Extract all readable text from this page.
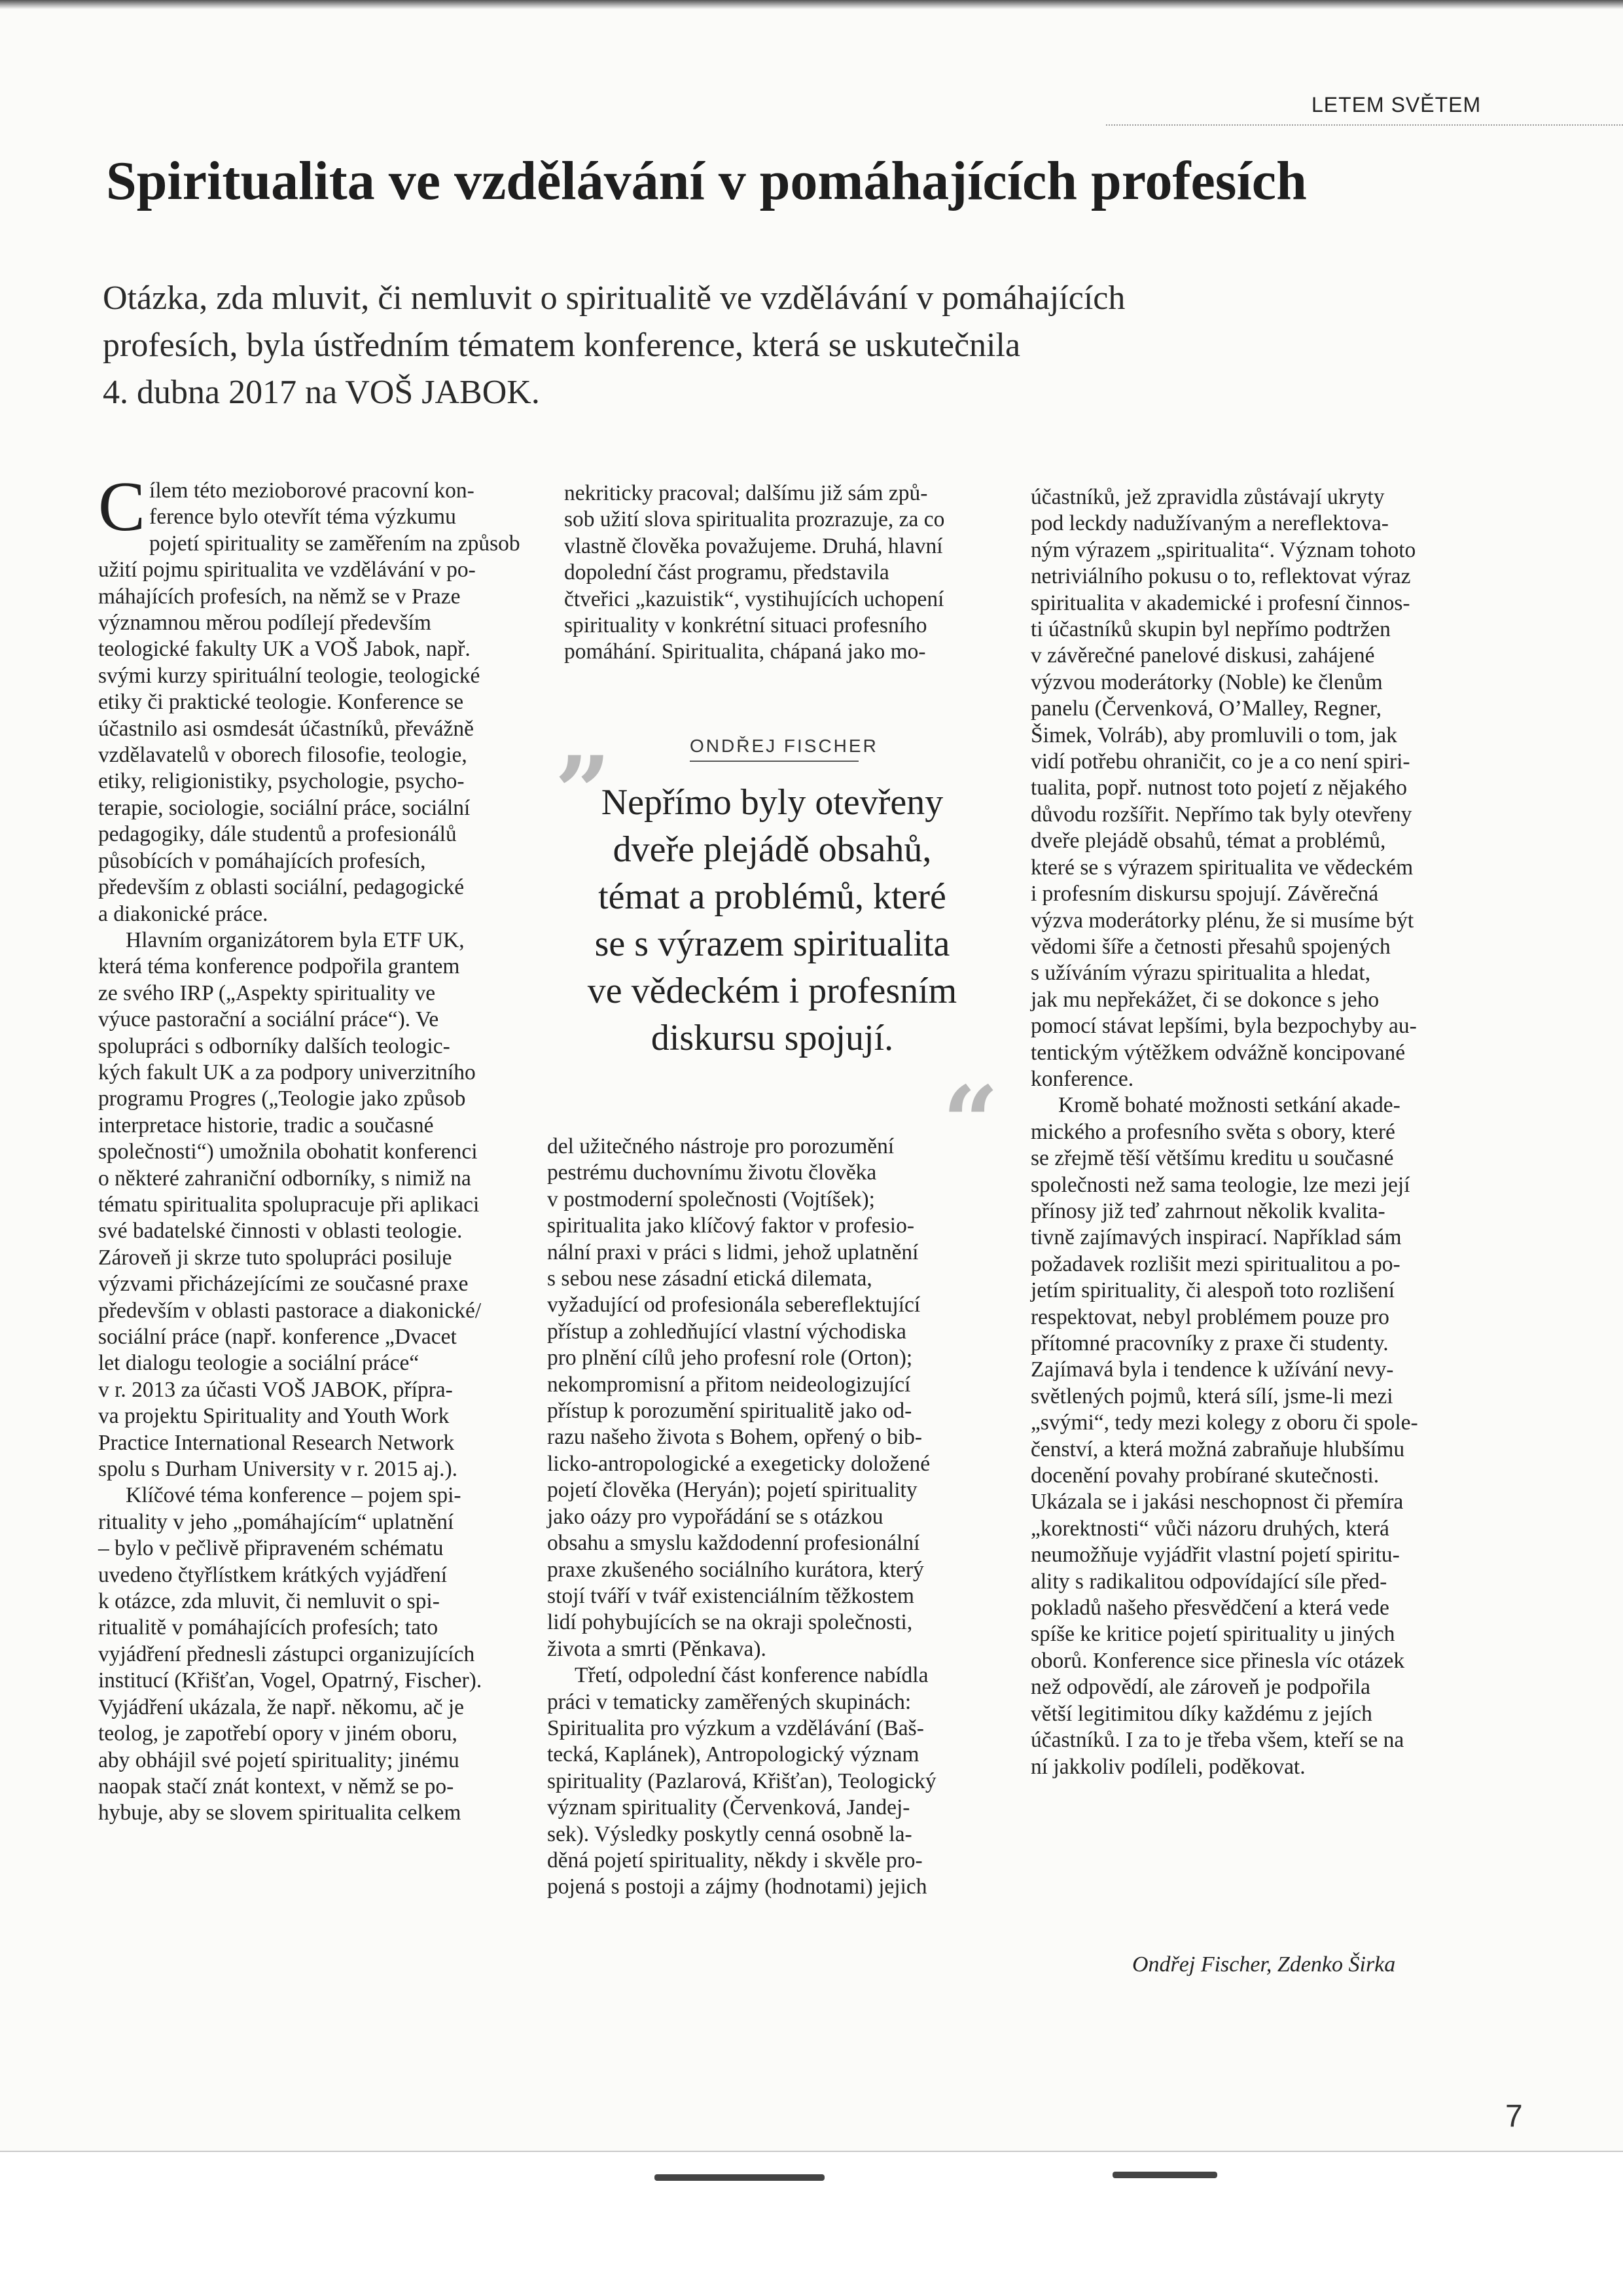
LETEM SVĚTEM
Spiritualita ve vzdělávání v pomáhajících profesích
Otázka, zda mluvit, či nemluvit o spiritualitě ve vzdělávání v pomáhajících
profesích, byla ústředním tématem konference, která se uskutečnila
4. dubna 2017 na VOŠ JABOK.
C ílem této mezioborové pracovní kon-
ference bylo otevřít téma výzkumu
pojetí spirituality se zaměřením na způsob
užití pojmu spiritualita ve vzdělávání v po-
máhajících profesích, na němž se v Praze
významnou měrou podílejí především
teologické fakulty UK a VOŠ Jabok, např.
svými kurzy spirituální teologie, teologické
etiky či praktické teologie. Konference se
účastnilo asi osmdesát účastníků, převážně
vzdělavatelů v oborech filosofie, teologie,
etiky, religionistiky, psychologie, psycho-
terapie, sociologie, sociální práce, sociální
pedagogiky, dále studentů a profesionálů
působících v pomáhajících profesích,
především z oblasti sociální, pedagogické
a diakonické práce.
Hlavním organizátorem byla ETF UK,
která téma konference podpořila grantem
ze svého IRP („Aspekty spirituality ve
výuce pastorační a sociální práce“). Ve
spolupráci s odborníky dalších teologic-
kých fakult UK a za podpory univerzitního
programu Progres („Teologie jako způsob
interpretace historie, tradic a současné
společnosti“) umožnila obohatit konferenci
o některé zahraniční odborníky, s nimiž na
tématu spiritualita spolupracuje při aplikaci
své badatelské činnosti v oblasti teologie.
Zároveň ji skrze tuto spolupráci posiluje
výzvami přicházejícími ze současné praxe
především v oblasti pastorace a diakonické/
sociální práce (např. konference „Dvacet
let dialogu teologie a sociální práce“
v r. 2013 za účasti VOŠ JABOK, přípra-
va projektu Spirituality and Youth Work
Practice International Research Network
spolu s Durham University v r. 2015 aj.).
Klíčové téma konference – pojem spi-
rituality v jeho „pomáhajícím“ uplatnění
– bylo v pečlivě připraveném schématu
uvedeno čtyřlístkem krátkých vyjádření
k otázce, zda mluvit, či nemluvit o spi-
ritualitě v pomáhajících profesích; tato
vyjádření přednesli zástupci organizujících
institucí (Křišťan, Vogel, Opatrný, Fischer).
Vyjádření ukázala, že např. někomu, ač je
teolog, je zapotřebí opory v jiném oboru,
aby obhájil své pojetí spirituality; jinému
naopak stačí znát kontext, v němž se po-
hybuje, aby se slovem spiritualita celkem
nekriticky pracoval; dalšímu již sám způ-
sob užití slova spiritualita prozrazuje, za co
vlastně člověka považujeme. Druhá, hlavní
dopolední část programu, představila
čtveřici „kazuistik“, vystihujících uchopení
spirituality v konkrétní situaci profesního
pomáhání. Spiritualita, chápaná jako mo-
„	ONDŘEJ FISCHER
Nepřímo byly otevřeny
dveře plejádě obsahů,
témat a problémů, které
se s výrazem spiritualita
ve vědeckém i profesním
diskursu spojují.
“
del užitečného nástroje pro porozumění
pestrému duchovnímu životu člověka
v postmoderní společnosti (Vojtíšek);
spiritualita jako klíčový faktor v profesio-
nální praxi v práci s lidmi, jehož uplatnění
s sebou nese zásadní etická dilemata,
vyžadující od profesionála sebereflektující
přístup a zohledňující vlastní východiska
pro plnění cílů jeho profesní role (Orton);
nekompromisní a přitom neideologizující
přístup k porozumění spiritualitě jako od-
razu našeho života s Bohem, opřený o bib-
licko-antropologické a exegeticky doložené
pojetí člověka (Heryán); pojetí spirituality
jako oázy pro vypořádání se s otázkou
obsahu a smyslu každodenní profesionální
praxe zkušeného sociálního kurátora, který
stojí tváří v tvář existenciálním těžkostem
lidí pohybujících se na okraji společnosti,
života a smrti (Pěnkava).
Třetí, odpolední část konference nabídla
práci v tematicky zaměřených skupinách:
Spiritualita pro výzkum a vzdělávání (Baš-
tecká, Kaplánek), Antropologický význam
spirituality (Pazlarová, Křišťan), Teologický
význam spirituality (Červenková, Jandej-
sek). Výsledky poskytly cenná osobně la-
děná pojetí spirituality, někdy i skvěle pro-
pojená s postoji a zájmy (hodnotami) jejich
účastníků, jež zpravidla zůstávají ukryty
pod leckdy nadužívaným a nereflektova-
ným výrazem „spiritualita“. Význam tohoto
netriviálního pokusu o to, reflektovat výraz
spiritualita v akademické i profesní činnos-
ti účastníků skupin byl nepřímo podtržen
v závěrečné panelové diskusi, zahájené
výzvou moderátorky (Noble) ke členům
panelu (Červenková, O’Malley, Regner,
Šimek, Volráb), aby promluvili o tom, jak
vidí potřebu ohraničit, co je a co není spiri-
tualita, popř. nutnost toto pojetí z nějakého
důvodu rozšířit. Nepřímo tak byly otevřeny
dveře plejádě obsahů, témat a problémů,
které se s výrazem spiritualita ve vědeckém
i profesním diskursu spojují. Závěrečná
výzva moderátorky plénu, že si musíme být
vědomi šíře a četnosti přesahů spojených
s užíváním výrazu spiritualita a hledat,
jak mu nepřekážet, či se dokonce s jeho
pomocí stávat lepšími, byla bezpochyby au-
tentickým výtěžkem odvážně koncipované
konference.
Kromě bohaté možnosti setkání akade-
mického a profesního světa s obory, které
se zřejmě těší většímu kreditu u současné
společnosti než sama teologie, lze mezi její
přínosy již teď zahrnout několik kvalita-
tivně zajímavých inspirací. Například sám
požadavek rozlišit mezi spiritualitou a po-
jetím spirituality, či alespoň toto rozlišení
respektovat, nebyl problémem pouze pro
přítomné pracovníky z praxe či studenty.
Zajímavá byla i tendence k užívání nevy-
světlených pojmů, která sílí, jsme-li mezi
„svými“, tedy mezi kolegy z oboru či spole-
čenství, a která možná zabraňuje hlubšímu
docenění povahy probírané skutečnosti.
Ukázala se i jakási neschopnost či přemíra
„korektnosti“ vůči názoru druhých, která
neumožňuje vyjádřit vlastní pojetí spiritu-
ality s radikalitou odpovídající síle před-
pokladů našeho přesvědčení a která vede
spíše ke kritice pojetí spirituality u jiných
oborů. Konference sice přinesla víc otázek
než odpovědí, ale zároveň je podpořila
větší legitimitou díky každému z jejích
účastníků. I za to je třeba všem, kteří se na
ní jakkoliv podíleli, poděkovat.
Ondřej Fischer, Zdenko Širka
7
